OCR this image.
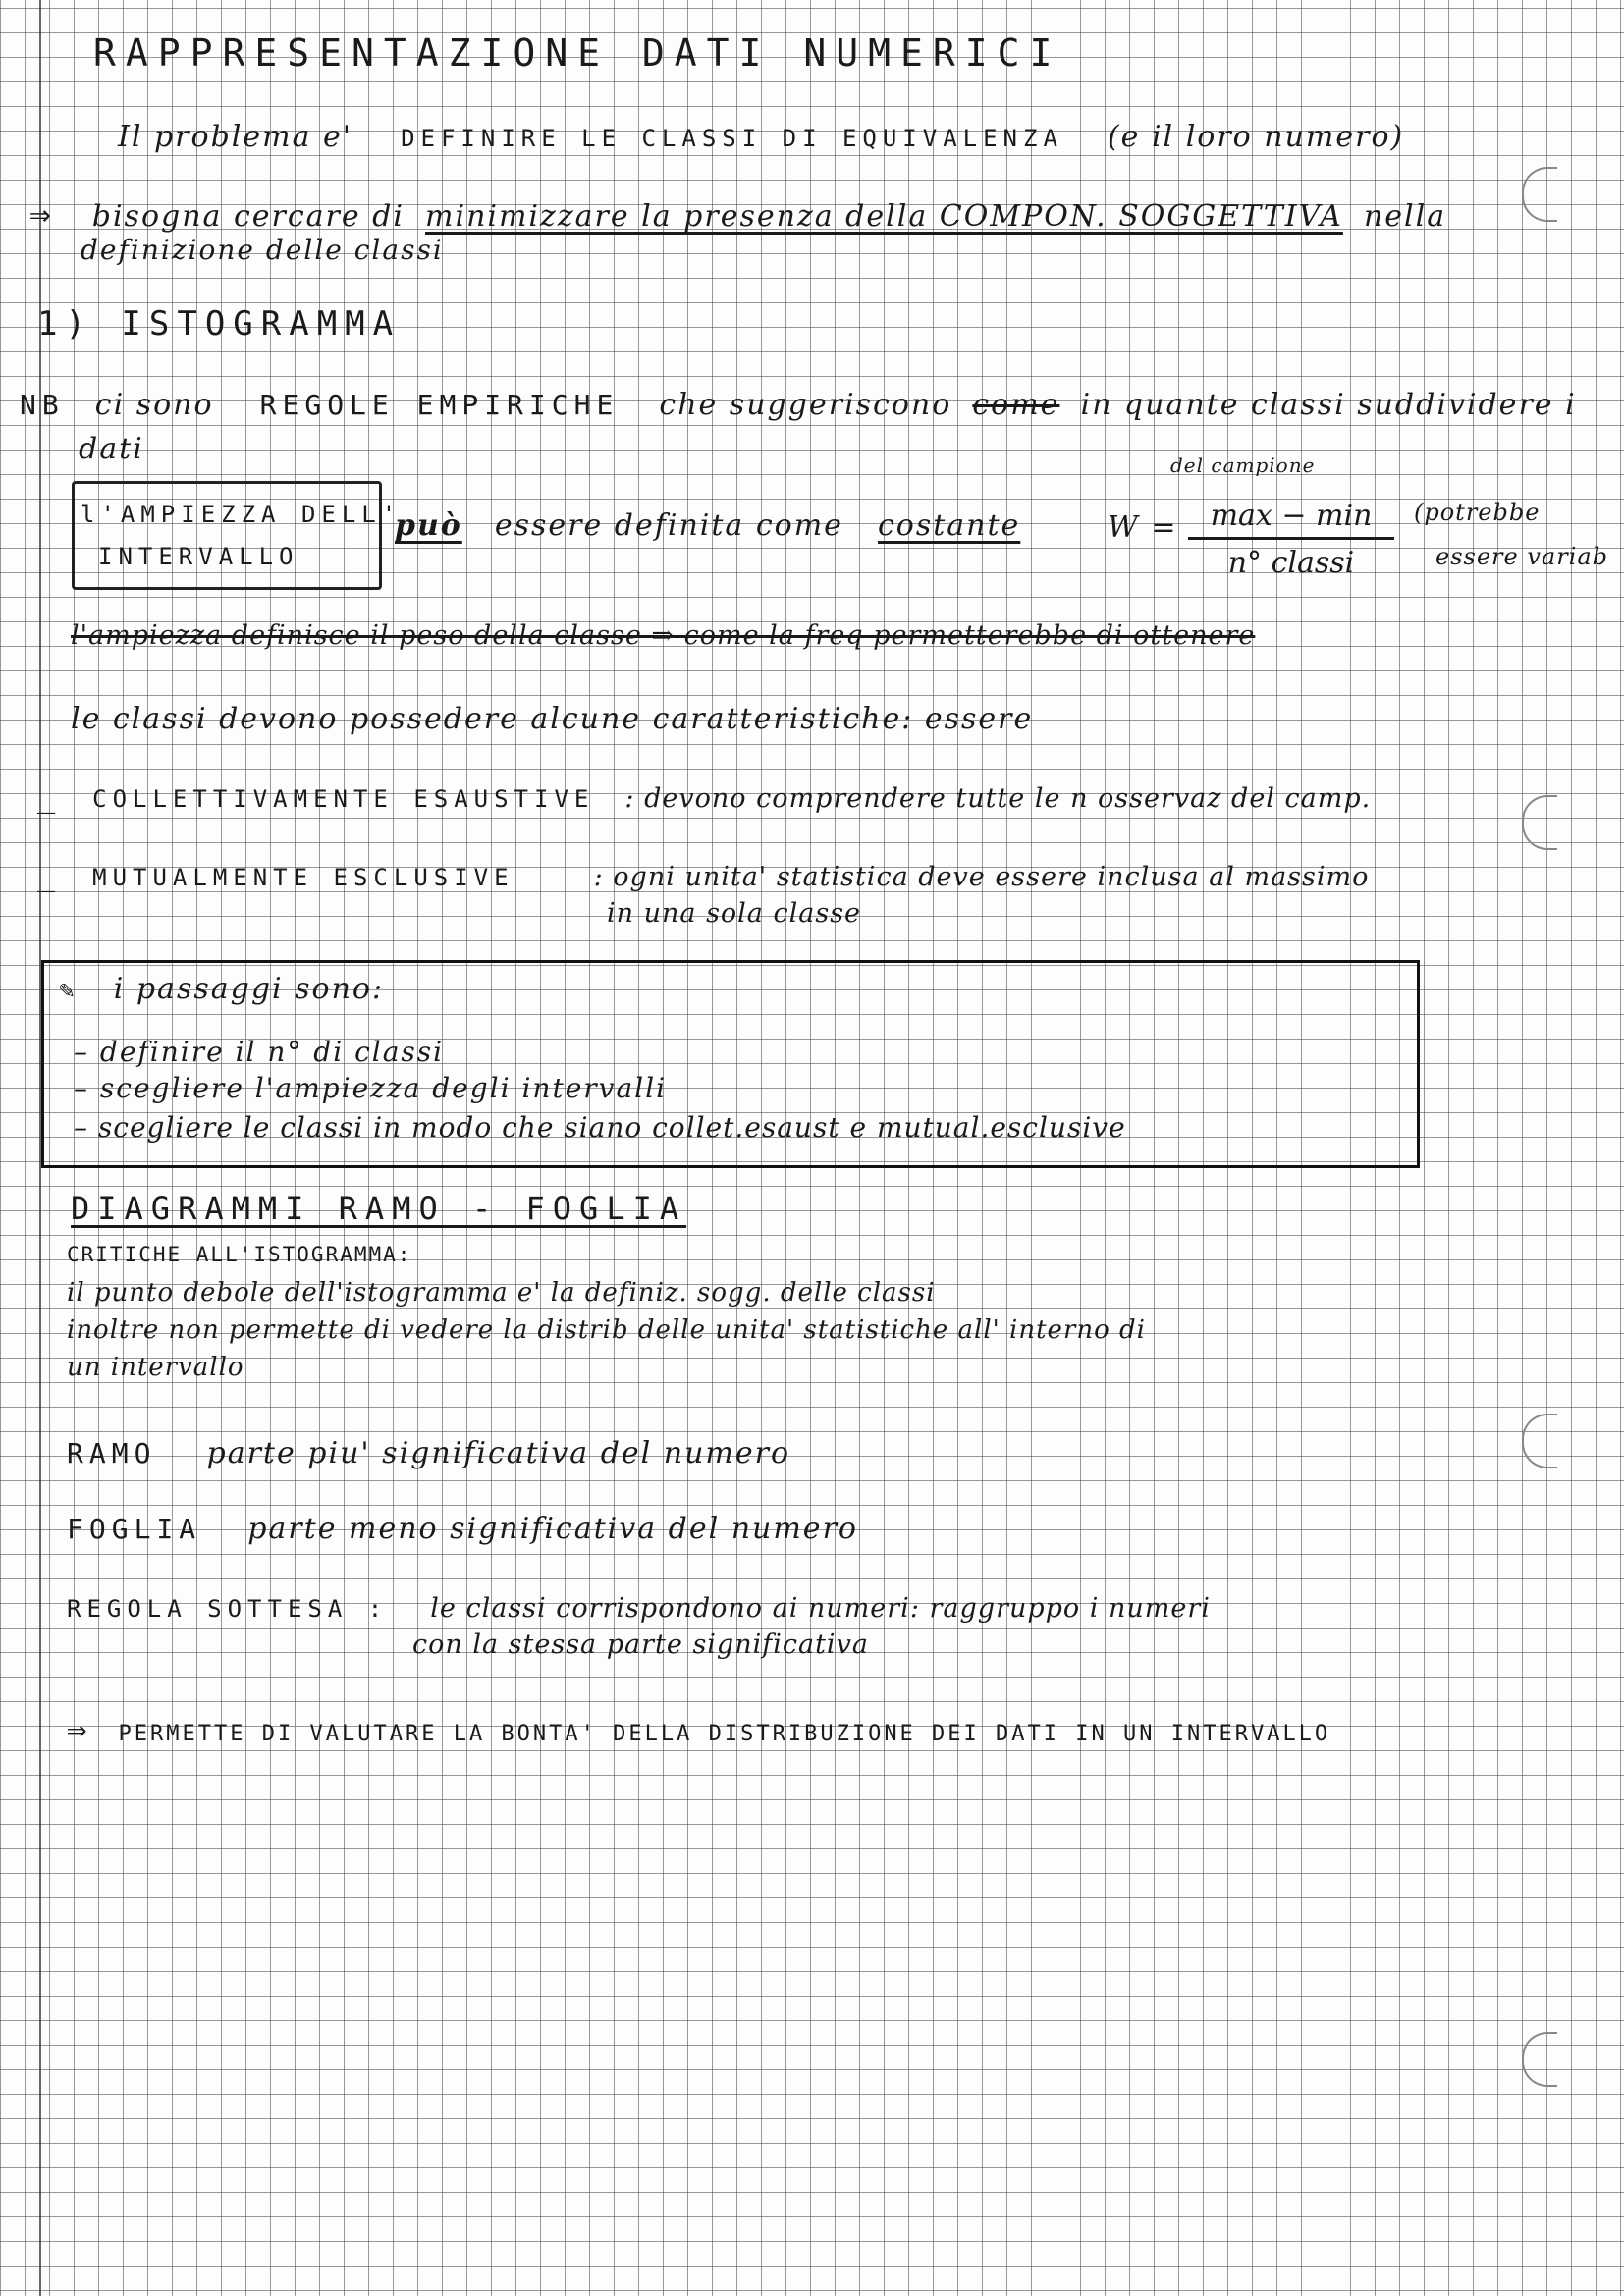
RAPPRESENTAZIONE DATI NUMERICI
Il problema e' DEFINIRE LE CLASSI DI EQUIVALENZA (e il loro numero)
⇒ bisogna cercare di minimizzare la presenza della COMPON. SOGGETTIVA nella
definizione delle classi
1) ISTOGRAMMA
NB ci sono REGOLE EMPIRICHE che suggeriscono come in quante classi suddividere i
dati
l'AMPIEZZA DELL'
INTERVALLO
può essere definita come costante	W =
del campione
max − min
n° classi
(potrebbe
essere variab
l'ampiezza definisce il peso della classe ⇒ come la freq permetterebbe di ottenere
le classi devono possedere alcune caratteristiche: essere
_ COLLETTIVAMENTE ESAUSTIVE : devono comprendere tutte le n osservaz del camp.
_ MUTUALMENTE ESCLUSIVE	: ogni unita' statistica deve essere inclusa al massimo
in una sola classe
✎ i passaggi sono:
– definire il n° di classi
– scegliere l'ampiezza degli intervalli
– scegliere le classi in modo che siano collet.esaust e mutual.esclusive
DIAGRAMMI RAMO - FOGLIA
CRITICHE ALL'ISTOGRAMMA:
il punto debole dell'istogramma e' la definiz. sogg. delle classi
inoltre non permette di vedere la distrib delle unita' statistiche all' interno di
un intervallo
RAMO parte piu' significativa del numero
FOGLIA parte meno significativa del numero
REGOLA SOTTESA : le classi corrispondono ai numeri: raggruppo i numeri
con la stessa parte significativa
⇒ PERMETTE DI VALUTARE LA BONTA' DELLA DISTRIBUZIONE DEI DATI IN UN INTERVALLO
